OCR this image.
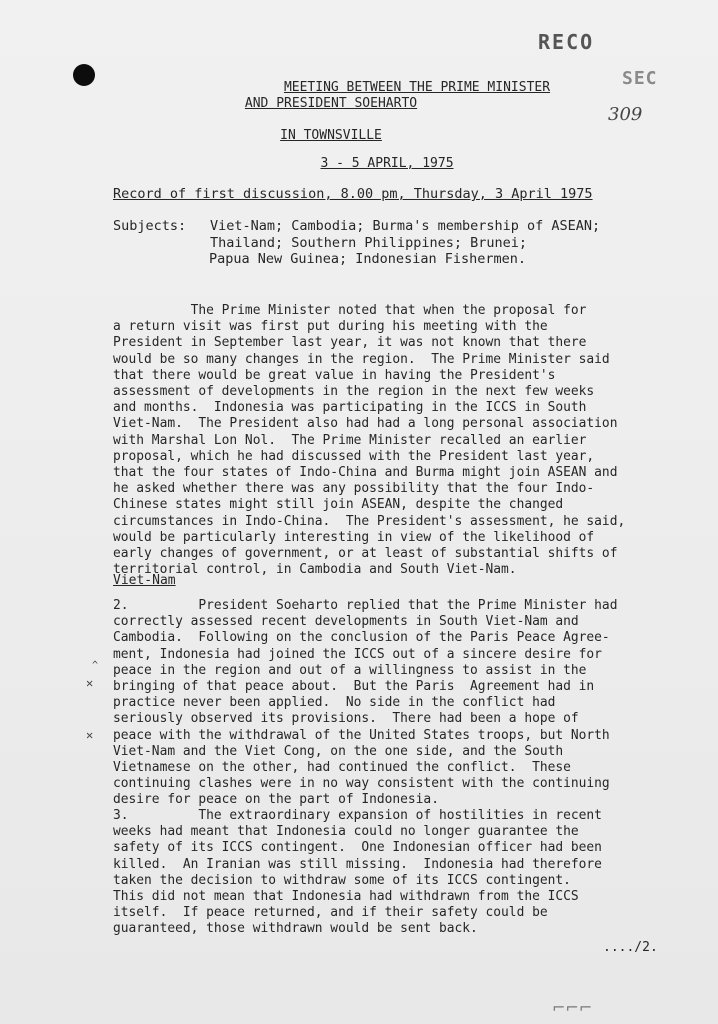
RECO
SEC
309
MEETING BETWEEN THE PRIME MINISTER
AND PRESIDENT SOEHARTO
IN TOWNSVILLE
3 - 5 APRIL, 1975
Record of first discussion, 8.00 pm, Thursday, 3 April 1975
Subjects: Viet-Nam; Cambodia; Burma's membership of ASEAN;
Thailand; Southern Philippines; Brunei;
Papua New Guinea; Indonesian Fishermen.
The Prime Minister noted that when the proposal for
a return visit was first put during his meeting with the
President in September last year, it was not known that there
would be so many changes in the region.  The Prime Minister said
that there would be great value in having the President's
assessment of developments in the region in the next few weeks
and months.  Indonesia was participating in the ICCS in South
Viet-Nam.  The President also had had a long personal association
with Marshal Lon Nol.  The Prime Minister recalled an earlier
proposal, which he had discussed with the President last year,
that the four states of Indo-China and Burma might join ASEAN and
he asked whether there was any possibility that the four Indo-
Chinese states might still join ASEAN, despite the changed
circumstances in Indo-China.  The President's assessment, he said,
would be particularly interesting in view of the likelihood of
early changes of government, or at least of substantial shifts of
territorial control, in Cambodia and South Viet-Nam.
Viet-Nam
2.         President Soeharto replied that the Prime Minister had
correctly assessed recent developments in South Viet-Nam and
Cambodia.  Following on the conclusion of the Paris Peace Agree-
ment, Indonesia had joined the ICCS out of a sincere desire for
peace in the region and out of a willingness to assist in the
bringing of that peace about.  But the Paris  Agreement had in
practice never been applied.  No side in the conflict had
seriously observed its provisions.  There had been a hope of
peace with the withdrawal of the United States troops, but North
Viet-Nam and the Viet Cong, on the one side, and the South
Vietnamese on the other, had continued the conflict.  These
continuing clashes were in no way consistent with the continuing
desire for peace on the part of Indonesia.
^
✕
✕
3.         The extraordinary expansion of hostilities in recent
weeks had meant that Indonesia could no longer guarantee the
safety of its ICCS contingent.  One Indonesian officer had been
killed.  An Iranian was still missing.  Indonesia had therefore
taken the decision to withdraw some of its ICCS contingent.
This did not mean that Indonesia had withdrawn from the ICCS
itself.  If peace returned, and if their safety could be
guaranteed, those withdrawn would be sent back.
..../2.
⌐⌐⌐
